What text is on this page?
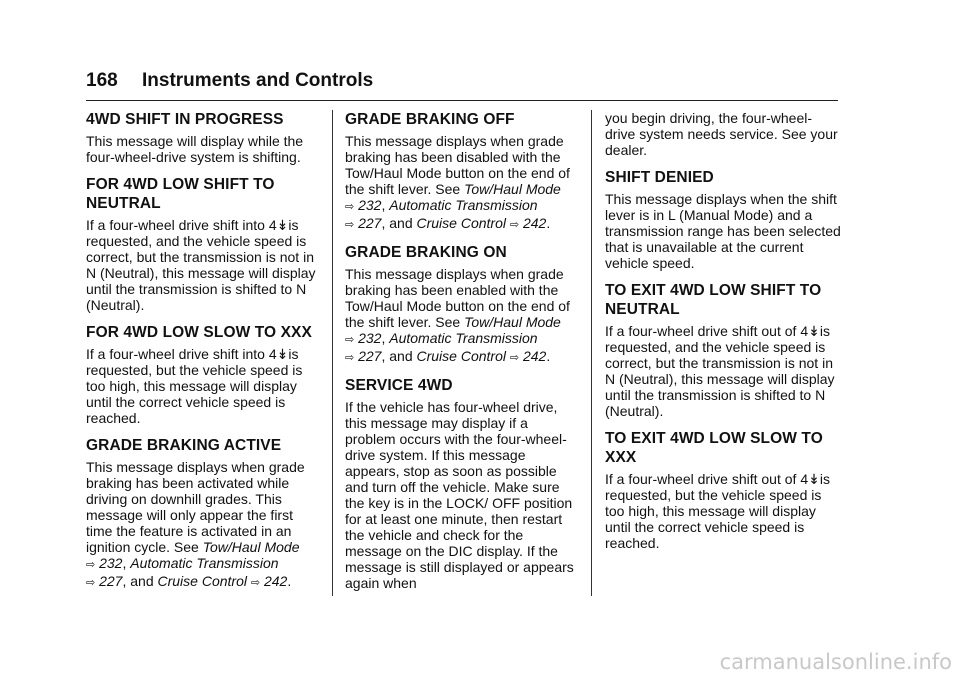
168 Instruments and Controls
4WD SHIFT IN PROGRESS

This message will display while the four-wheel-drive system is shifting.

FOR 4WD LOW SHIFT TO NEUTRAL

If a four-wheel drive shift into 4↡is requested, and the vehicle speed is correct, but the transmission is not in N (Neutral), this message will display until the transmission is shifted to N (Neutral).

FOR 4WD LOW SLOW TO XXX

If a four-wheel drive shift into 4↡is requested, but the vehicle speed is too high, this message will display until the correct vehicle speed is reached.

GRADE BRAKING ACTIVE

This message displays when grade braking has been activated while driving on downhill grades. This message will only appear the first time the feature is activated in an ignition cycle. See Tow/Haul Mode
⇨ 232, Automatic Transmission
⇨ 227, and Cruise Control ⇨ 242.

GRADE BRAKING OFF

This message displays when grade braking has been disabled with the Tow/Haul Mode button on the end of the shift lever. See Tow/Haul Mode
⇨ 232, Automatic Transmission
⇨ 227, and Cruise Control ⇨ 242.

GRADE BRAKING ON

This message displays when grade braking has been enabled with the Tow/Haul Mode button on the end of the shift lever. See Tow/Haul Mode
⇨ 232, Automatic Transmission
⇨ 227, and Cruise Control ⇨ 242.

SERVICE 4WD

If the vehicle has four-wheel drive, this message may display if a problem occurs with the four-wheel-drive system. If this message appears, stop as soon as possible and turn off the vehicle. Make sure the key is in the LOCK/ OFF position for at least one minute, then restart the vehicle and check for the message on the DIC display. If the message is still displayed or appears again when

you begin driving, the four-wheel-drive system needs service. See your dealer.

SHIFT DENIED

This message displays when the shift lever is in L (Manual Mode) and a transmission range has been selected that is unavailable at the current vehicle speed.

TO EXIT 4WD LOW SHIFT TO NEUTRAL

If a four-wheel drive shift out of 4↡is requested, and the vehicle speed is correct, but the transmission is not in N (Neutral), this message will display until the transmission is shifted to N (Neutral).

TO EXIT 4WD LOW SLOW TO XXX

If a four-wheel drive shift out of 4↡is requested, but the vehicle speed is too high, this message will display until the correct vehicle speed is reached.

carmanualsonline.info
